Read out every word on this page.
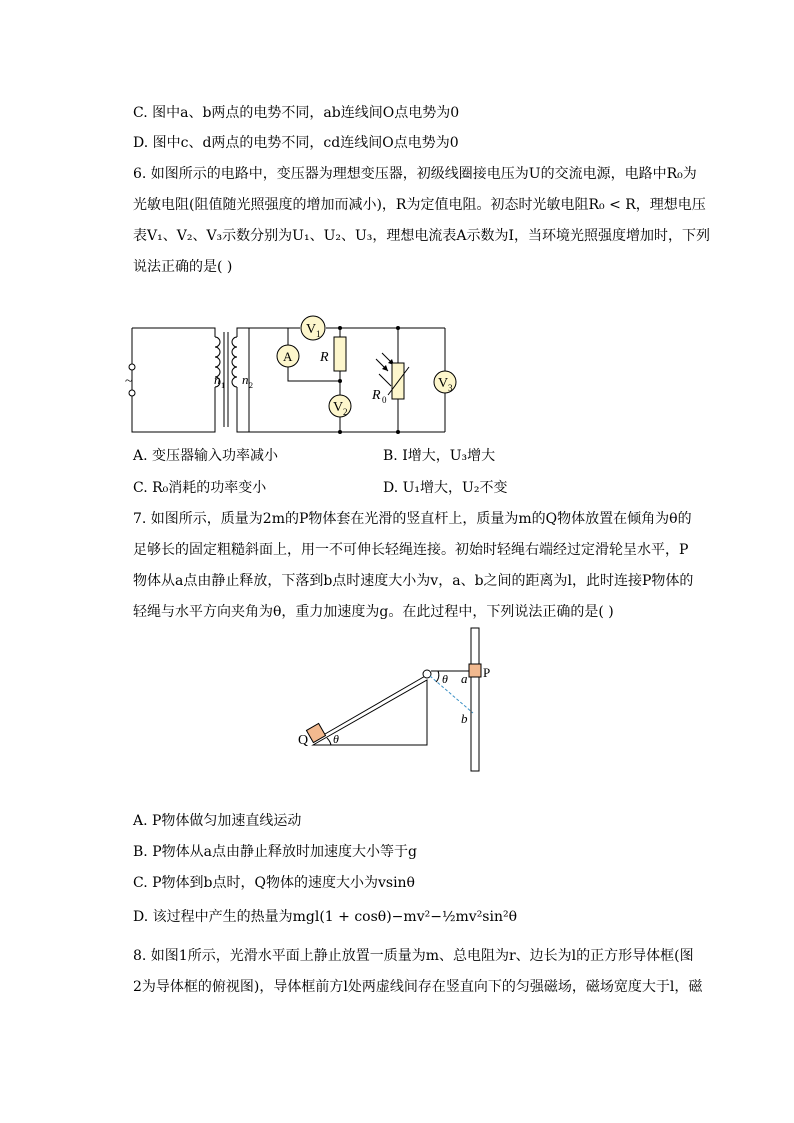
C. 图中a、b两点的电势不同，ab连线间O点电势为0
D. 图中c、d两点的电势不同，cd连线间O点电势为0
6. 如图所示的电路中，变压器为理想变压器，初级线圈接电压为U的交流电源，电路中R₀为
光敏电阻(阻值随光照强度的增加而减小)，R为定值电阻。初态时光敏电阻R₀ < R，理想电压
表V₁、V₂、V₃示数分别为U₁、U₂、U₃，理想电流表A示数为I，当环境光照强度增加时，下列
说法正确的是( )
~
V 1
A R
V 2
R 0
V 3
n 1 n 2
A. 变压器输入功率减小	B. I增大，U₃增大
C. R₀消耗的功率变小	D. U₁增大，U₂不变
7. 如图所示，质量为2m的P物体套在光滑的竖直杆上，质量为m的Q物体放置在倾角为θ的
足够长的固定粗糙斜面上，用一不可伸长轻绳连接。初始时轻绳右端经过定滑轮呈水平，P
物体从a点由静止释放，下落到b点时速度大小为v，a、b之间的距离为l，此时连接P物体的
轻绳与水平方向夹角为θ，重力加速度为g。在此过程中，下列说法正确的是( )
Q θ
θ a P
b
A. P物体做匀加速直线运动
B. P物体从a点由静止释放时加速度大小等于g
C. P物体到b点时，Q物体的速度大小为vsinθ
D. 该过程中产生的热量为mgl(1 + cosθ)−mv²−½mv²sin²θ
8. 如图1所示，光滑水平面上静止放置一质量为m、总电阻为r、边长为l的正方形导体框(图
2为导体框的俯视图)，导体框前方l处两虚线间存在竖直向下的匀强磁场，磁场宽度大于l，磁
